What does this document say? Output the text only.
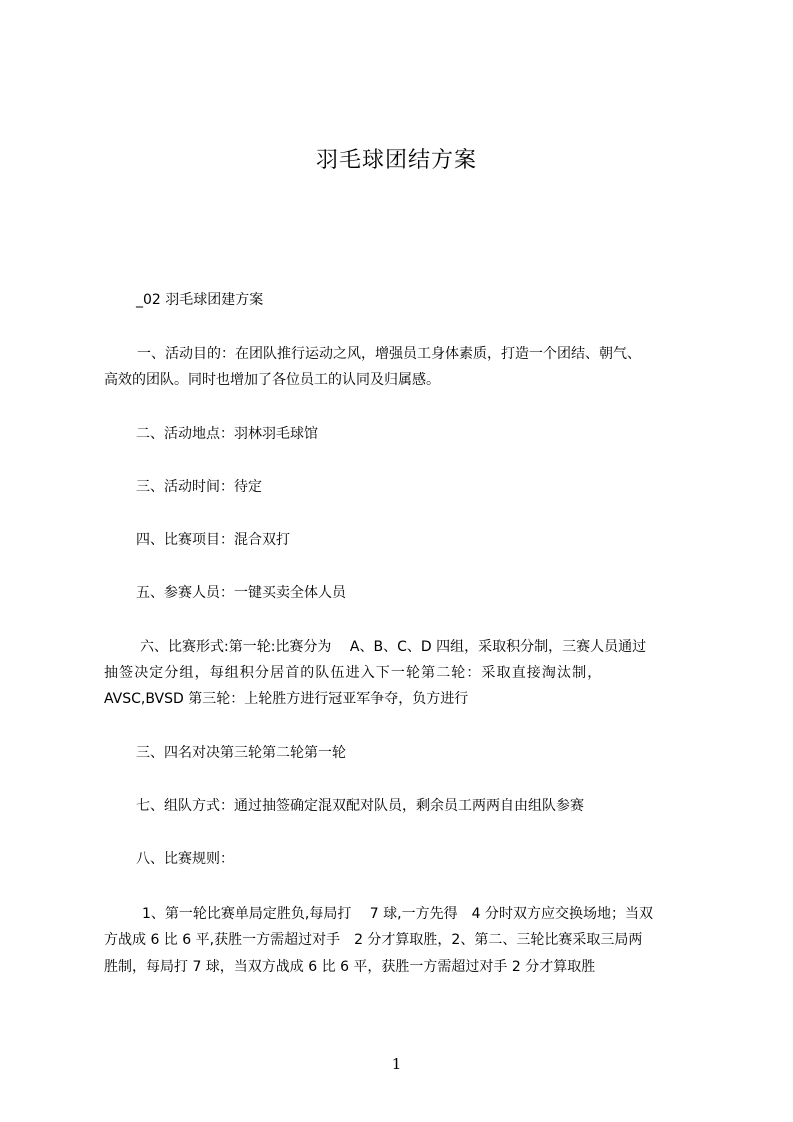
羽毛球团结方案
_02 羽毛球团建方案
一、活动目的：在团队推行运动之风，增强员工身体素质，打造一个团结、朝气、
高效的团队。同时也增加了各位员工的认同及归属感。
二、活动地点：羽林羽毛球馆
三、活动时间：待定
四、比赛项目：混合双打
五、参赛人员：一键买卖全体人员
六、比赛形式:第一轮:比赛分为　 A、B、C、D 四组，采取积分制，三赛人员通过
抽签决定分组，每组积分居首的队伍进入下一轮第二轮：采取直接淘汰制，
AVSC,BVSD 第三轮：上轮胜方进行冠亚军争夺，负方进行
三、四名对决第三轮第二轮第一轮
七、组队方式：通过抽签确定混双配对队员，剩余员工两两自由组队参赛
八、比赛规则：
1、第一轮比赛单局定胜负,每局打　 7 球,一方先得　4 分时双方应交换场地；当双
方战成 6 比 6 平,获胜一方需超过对手　2 分才算取胜，2、第二、三轮比赛采取三局两
胜制，每局打 7 球，当双方战成 6 比 6 平，获胜一方需超过对手 2 分才算取胜
1
